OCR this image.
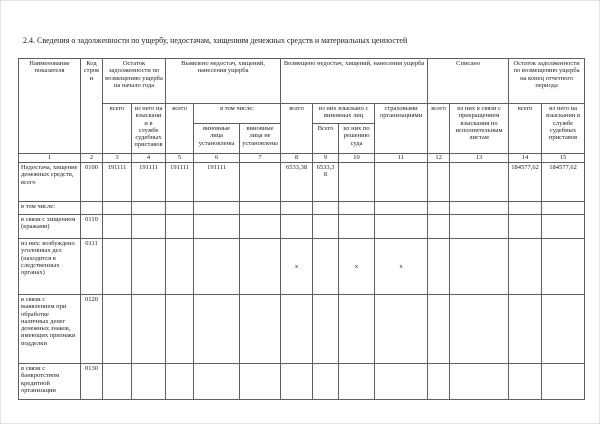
2.4. Сведения о задолженности по ущербу, недостачам, хищениям денежных средств и материальных ценностей
Наименование показателя	Код строки	Остаток задолженности по возмещению ущерба на начало года		Выявлено недостач, хищений, нанесения ущерба			Возмещено недостач, хищений, нанесения ущерба				Списано		Остаток задолженности по возмещению ущерба на конец отчетного периода	
		всего	из него на взыскании в службе судебных приставов	всего	в том числе:		всего	из них взыскано с виновных лиц		страховыми организациями	всего	из них в связи с прекращением взыскания по исполнительным листам	всего	из него на взыскании в службе судебных приставов
					виновные лица установлены	виновные лица не установлены		Всего	из них по решению суда					
1	2	3	4	5	6	7	8	9	10	11	12	13	14	15
Недостача, хищение денежных средств, всего	0100	191111	191111	191111	191111		6533,38	6533,38					184577,62	184577,62
в том числе:														
в связи с хищением (кражами)	0110													
из них: возбуждено уголовных дел (находится в следственных органах)	0111						х		х	х				
в связи с выявлением при обработке наличных денег денежных знаков, имеющих признаки подделки	0120													
в связи с банкротством кредитной организации	0130													
